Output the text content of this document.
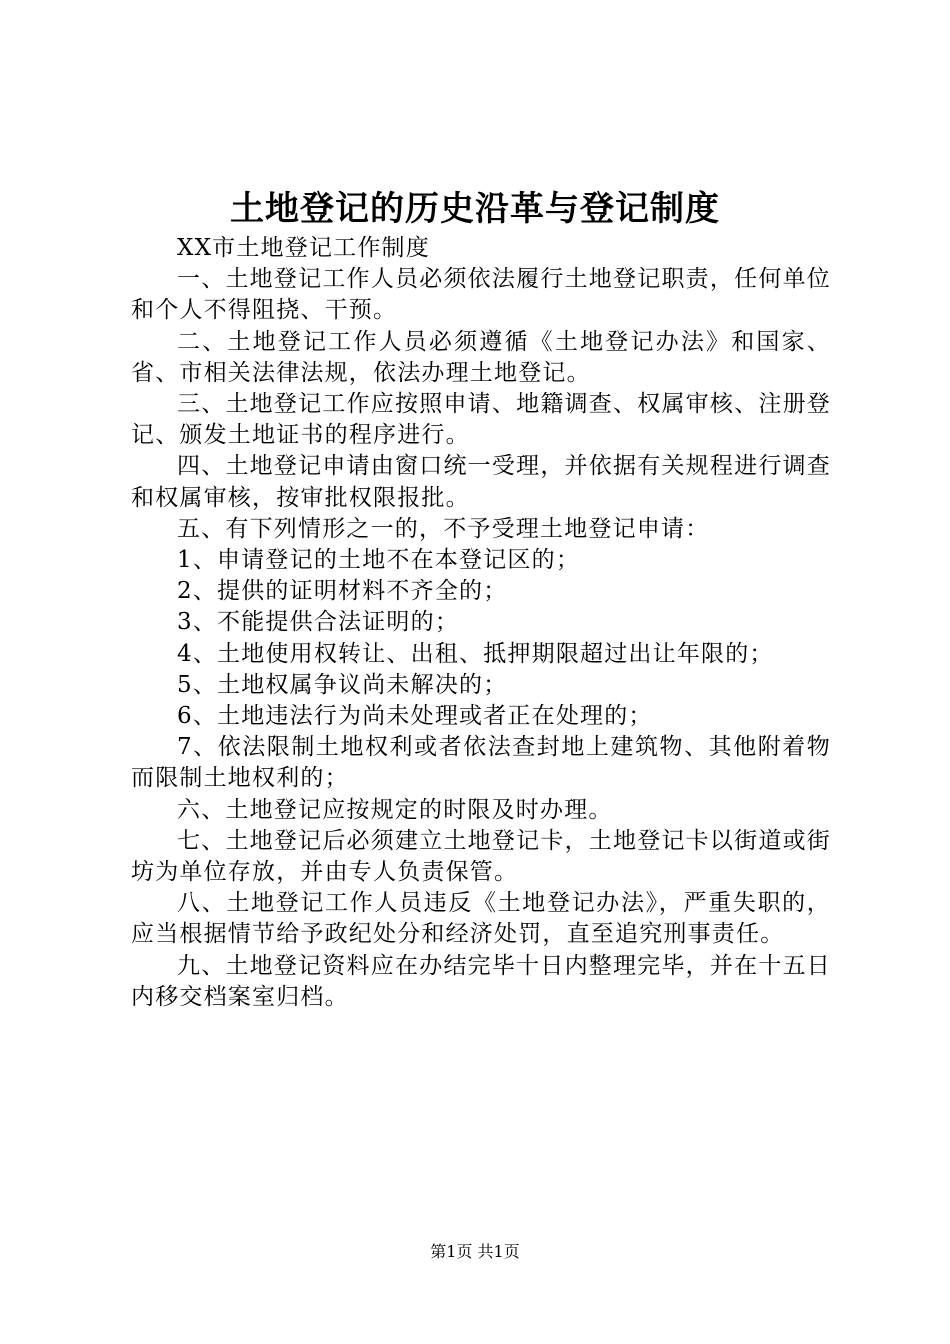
土地登记的历史沿革与登记制度

XX市土地登记工作制度

一、土地登记工作人员必须依法履行土地登记职责，任何单位和个人不得阻挠、干预。

二、土地登记工作人员必须遵循《土地登记办法》和国家、省、市相关法律法规，依法办理土地登记。

三、土地登记工作应按照申请、地籍调查、权属审核、注册登记、颁发土地证书的程序进行。

四、土地登记申请由窗口统一受理，并依据有关规程进行调查和权属审核，按审批权限报批。

五、有下列情形之一的，不予受理土地登记申请：

1、申请登记的土地不在本登记区的；

2、提供的证明材料不齐全的；

3、不能提供合法证明的；

4、土地使用权转让、出租、抵押期限超过出让年限的；

5、土地权属争议尚未解决的；

6、土地违法行为尚未处理或者正在处理的；

7、依法限制土地权利或者依法查封地上建筑物、其他附着物而限制土地权利的；

六、土地登记应按规定的时限及时办理。

七、土地登记后必须建立土地登记卡，土地登记卡以街道或街坊为单位存放，并由专人负责保管。

八、土地登记工作人员违反《土地登记办法》，严重失职的，应当根据情节给予政纪处分和经济处罚，直至追究刑事责任。

九、土地登记资料应在办结完毕十日内整理完毕，并在十五日内移交档案室归档。

第1页 共1页
